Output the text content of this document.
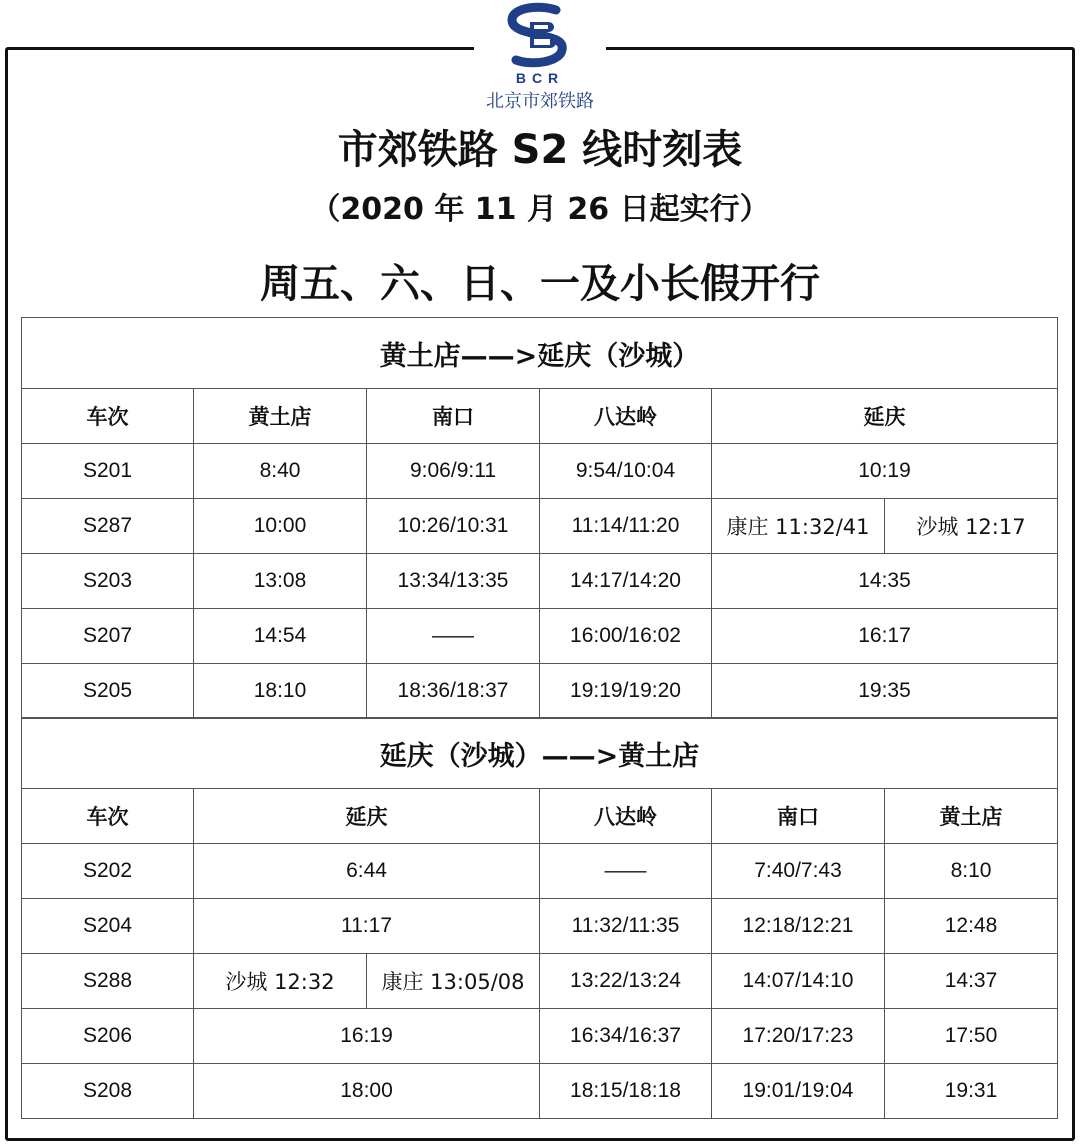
BCR
北京市郊铁路
市郊铁路 S2 线时刻表
（2020 年 11 月 26 日起实行）
周五、六、日、一及小长假开行
黄土店——>延庆（沙城）					
车次	黄土店	南口	八达岭	延庆	
S201	8:40	9:06/9:11	9:54/10:04	10:19	
S287	10:00	10:26/10:31	11:14/11:20	康庄 11:32/41	沙城 12:17
S203	13:08	13:34/13:35	14:17/14:20	14:35	
S207	14:54	——	16:00/16:02	16:17	
S205	18:10	18:36/18:37	19:19/19:20	19:35	
延庆（沙城）——>黄土店					
车次	延庆		八达岭	南口	黄土店
S202	6:44		——	7:40/7:43	8:10
S204	11:17		11:32/11:35	12:18/12:21	12:48
S288	沙城 12:32	康庄 13:05/08	13:22/13:24	14:07/14:10	14:37
S206	16:19		16:34/16:37	17:20/17:23	17:50
S208	18:00		18:15/18:18	19:01/19:04	19:31
